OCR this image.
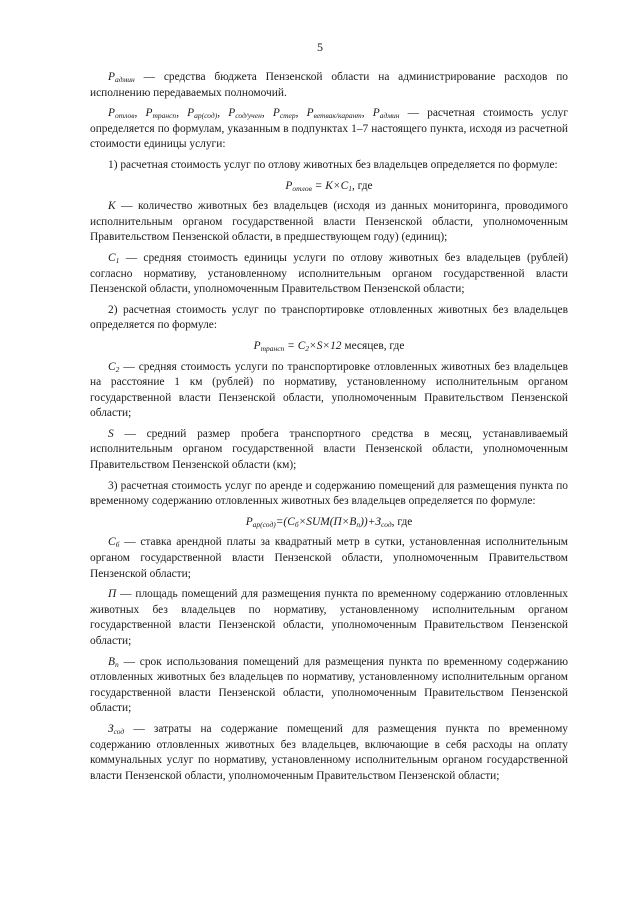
5

$P_{админ}$ — средства бюджета Пензенской области на администрирование расходов по исполнению передаваемых полномочий.

$P_{отлов}$, $P_{трансп}$, $P_{ар(сод)}$, $P_{сод/учен}$, $P_{стер}$, $P_{ветвак/карант}$, $P_{админ}$ — расчетная стоимость услуг определяется по формулам, указанным в подпунктах 1–7 настоящего пункта, исходя из расчетной стоимости единицы услуги:

1) расчетная стоимость услуг по отлову животных без владельцев определяется по формуле:

$P_{отлов} = K\times C_1$, где

K — количество животных без владельцев (исходя из данных мониторинга, проводимого исполнительным органом государственной власти Пензенской области, уполномоченным Правительством Пензенской области, в предшествующем году) (единиц);

$C_1$ — средняя стоимость единицы услуги по отлову животных без владельцев (рублей) согласно нормативу, установленному исполнительным органом государственной власти Пензенской области, уполномоченным Правительством Пензенской области;

2) расчетная стоимость услуг по транспортировке отловленных животных без владельцев определяется по формуле:

$P_{трансп} = C_2\times S\times 12$ месяцев, где

$C_2$ — средняя стоимость услуги по транспортировке отловленных животных без владельцев на расстояние 1 км (рублей) по нормативу, установленному исполнительным органом государственной власти Пензенской области, уполномоченным Правительством Пензенской области;

S — средний размер пробега транспортного средства в месяц, устанавливаемый исполнительным органом государственной власти Пензенской области, уполномоченным Правительством Пензенской области (км);

3) расчетная стоимость услуг по аренде и содержанию помещений для размещения пункта по временному содержанию отловленных животных без владельцев определяется по формуле:

$P_{ар(сод)}=(C_б\times SUM(П\times B_n))+З_{сод}$, где

$C_б$ — ставка арендной платы за квадратный метр в сутки, установленная исполнительным органом государственной власти Пензенской области, уполномоченным Правительством Пензенской области;

П — площадь помещений для размещения пункта по временному содержанию отловленных животных без владельцев по нормативу, установленному исполнительным органом государственной власти Пензенской области, уполномоченным Правительством Пензенской области;

$B_n$ — срок использования помещений для размещения пункта по временному содержанию отловленных животных без владельцев по нормативу, установленному исполнительным органом государственной власти Пензенской области, уполномоченным Правительством Пензенской области;

$З_{сод}$ — затраты на содержание помещений для размещения пункта по временному содержанию отловленных животных без владельцев, включающие в себя расходы на оплату коммунальных услуг по нормативу, установленному исполнительным органом государственной власти Пензенской области, уполномоченным Правительством Пензенской области;
